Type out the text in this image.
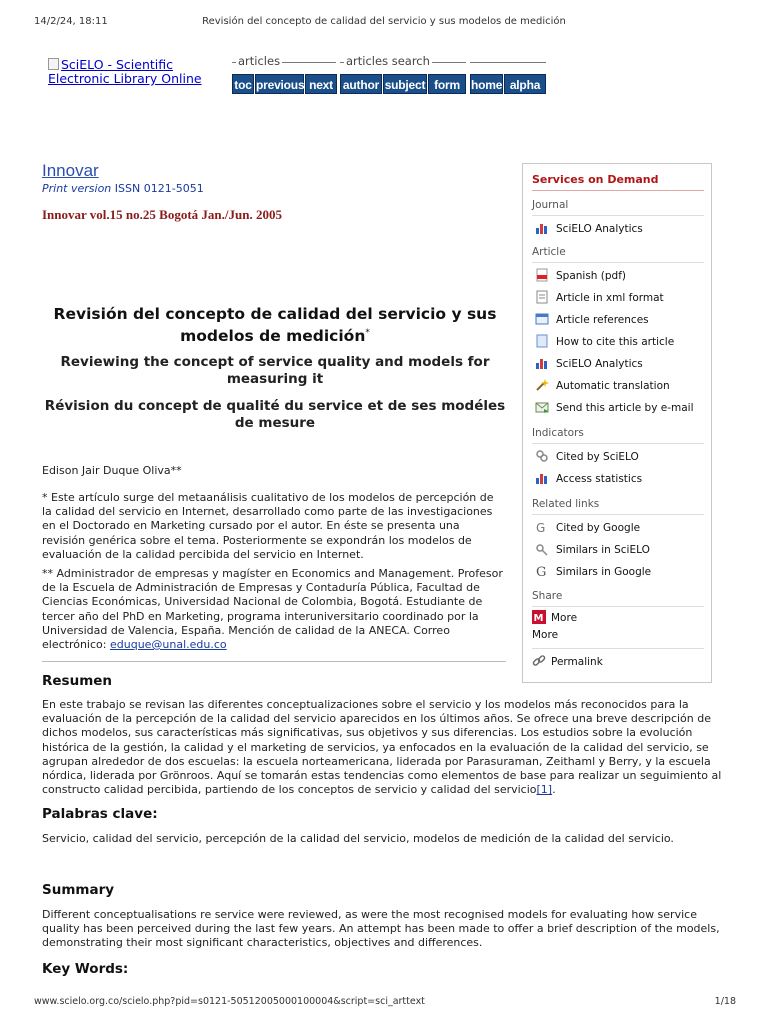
14/2/24, 18:11	Revisión del concepto de calidad del servicio y sus modelos de medición
SciELO - Scientific Electronic Library Online
articles	articles search
toc previous next author subject form home alpha
Innovar
Print version ISSN 0121-5051
Innovar vol.15 no.25 Bogotá Jan./Jun. 2005
Revisión del concepto de calidad del servicio y sus modelos de medición*
Reviewing the concept of service quality and models for measuring it
Révision du concept de qualité du service et de ses modéles de mesure
Edison Jair Duque Oliva**
* Este artículo surge del metaanálisis cualitativo de los modelos de percepción de la calidad del servicio en Internet, desarrollado como parte de las investigaciones en el Doctorado en Marketing cursado por el autor. En éste se presenta una revisión genérica sobre el tema. Posteriormente se expondrán los modelos de evaluación de la calidad percibida del servicio en Internet.
** Administrador de empresas y magíster en Economics and Management. Profesor de la Escuela de Administración de Empresas y Contaduría Pública, Facultad de Ciencias Económicas, Universidad Nacional de Colombia, Bogotá. Estudiante de tercer año del PhD en Marketing, programa interuniversitario coordinado por la Universidad de Valencia, España. Mención de calidad de la ANECA. Correo electrónico: eduque@unal.edu.co
Resumen
En este trabajo se revisan las diferentes conceptualizaciones sobre el servicio y los modelos más reconocidos para la evaluación de la percepción de la calidad del servicio aparecidos en los últimos años. Se ofrece una breve descripción de dichos modelos, sus características más significativas, sus objetivos y sus diferencias. Los estudios sobre la evolución histórica de la gestión, la calidad y el marketing de servicios, ya enfocados en la evaluación de la calidad del servicio, se agrupan alrededor de dos escuelas: la escuela norteamericana, liderada por Parasuraman, Zeithaml y Berry, y la escuela nórdica, liderada por Grönroos. Aquí se tomarán estas tendencias como elementos de base para realizar un seguimiento al constructo calidad percibida, partiendo de los conceptos de servicio y calidad del servicio[1].
Palabras clave:
Servicio, calidad del servicio, percepción de la calidad del servicio, modelos de medición de la calidad del servicio.
Summary
Different conceptualisations re service were reviewed, as were the most recognised models for evaluating how service quality has been perceived during the last few years. An attempt has been made to offer a brief description of the models, demonstrating their most significant characteristics, objectives and differences.
Key Words:
Services on Demand
Journal
SciELO Analytics
Article
Spanish (pdf)
Article in xml format
Article references
How to cite this article
SciELO Analytics
Automatic translation
Send this article by e-mail
Indicators
Cited by SciELO
Access statistics
Related links
G Cited by Google
Similars in SciELO
G Similars in Google
Share
M More
More
Permalink
www.scielo.org.co/scielo.php?pid=s0121-50512005000100004&script=sci_arttext	1/18
